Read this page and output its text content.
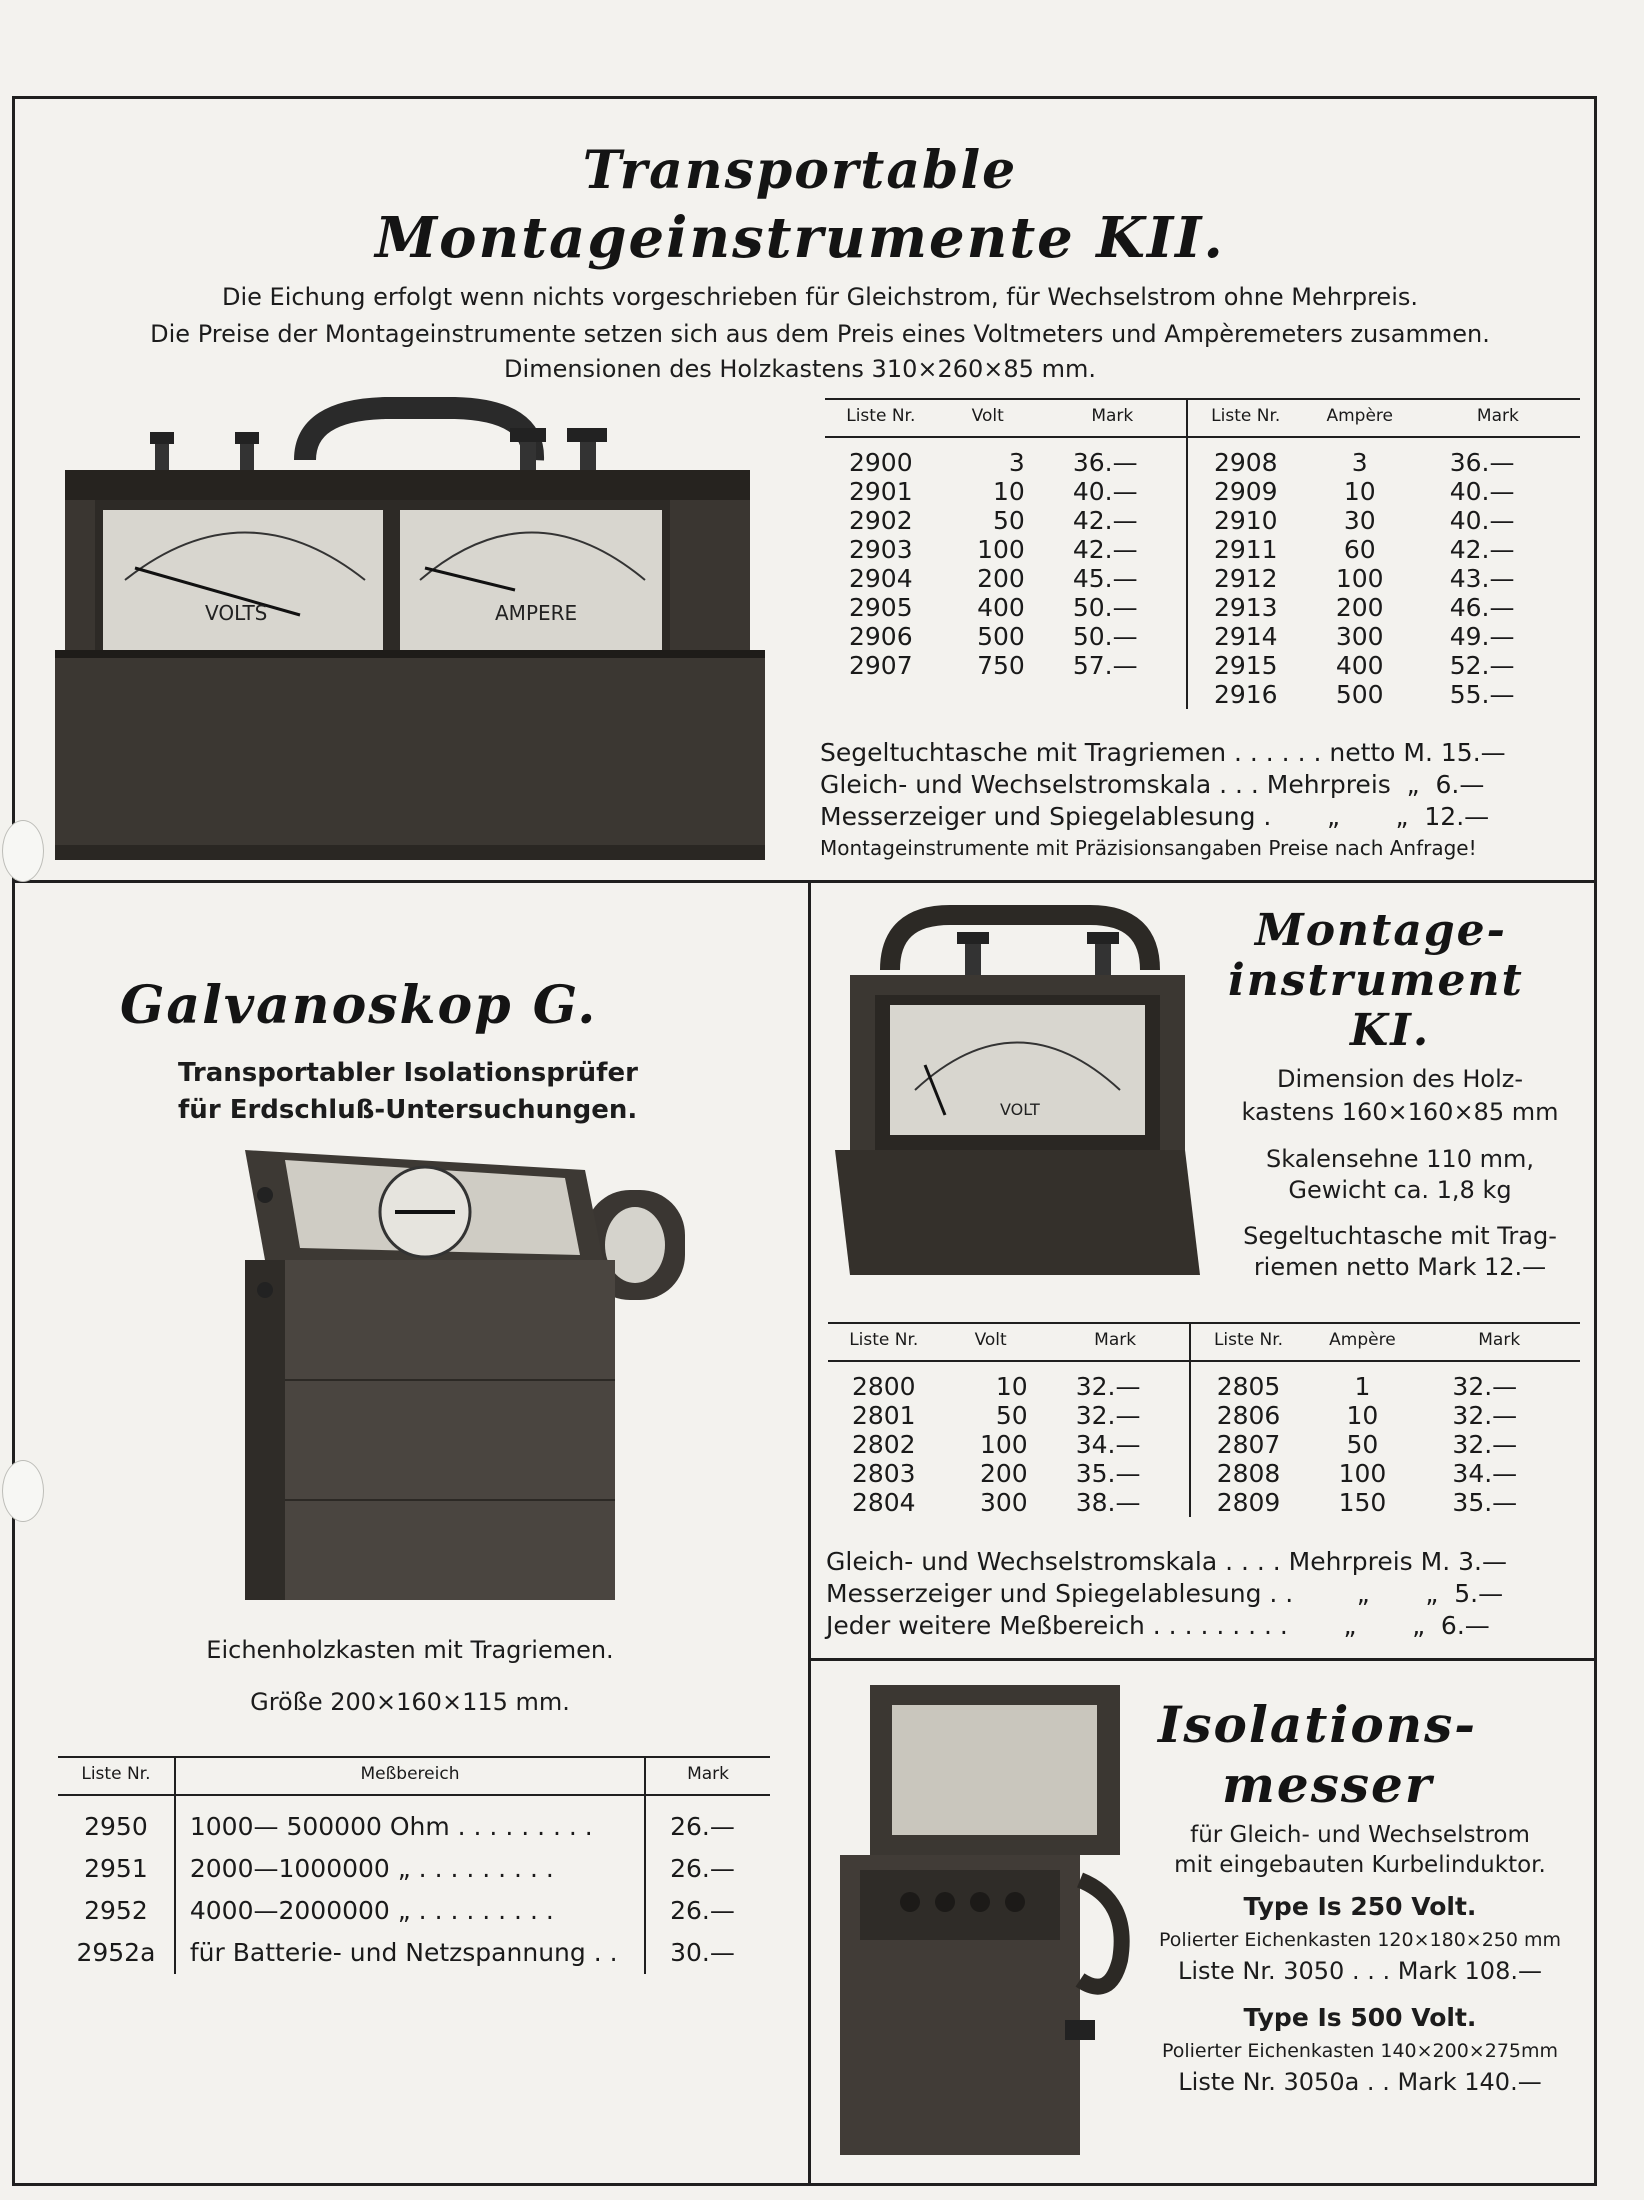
Transportable
Montageinstrumente KII.
Die Eichung erfolgt wenn nichts vorgeschrieben für Gleichstrom, für Wechselstrom ohne Mehrpreis.
Die Preise der Montageinstrumente setzen sich aus dem Preis eines Voltmeters und Ampèremeters zusammen.
Dimensionen des Holzkastens 310×260×85 mm.
VOLTS	AMPERE
Liste Nr.	Volt	Mark	Liste Nr.	Ampère	Mark
2900	3	36.—	2908	3	36.—
2901	10	40.—	2909	10	40.—
2902	50	42.—	2910	30	40.—
2903	100	42.—	2911	60	42.—
2904	200	45.—	2912	100	43.—
2905	400	50.—	2913	200	46.—
2906	500	50.—	2914	300	49.—
2907	750	57.—	2915	400	52.—
			2916	500	55.—
Segeltuchtasche mit Tragriemen . . . . . . netto M. 15.—
Gleich- und Wechselstromskala . . . Mehrpreis  „  6.—
Messerzeiger und Spiegelablesung .       „       „  12.—
Montageinstrumente mit Präzisionsangaben Preise nach Anfrage!
Galvanoskop G.
Transportabler Isolationsprüfer
für Erdschluß-Untersuchungen.
Eichenholzkasten mit Tragriemen.
Größe 200×160×115 mm.
Liste Nr.	Meßbereich	Mark
2950	1000— 500000 Ohm . . . . . . . . .	26.—
2951	2000—1000000 „ . . . . . . . . .	26.—
2952	4000—2000000 „ . . . . . . . . .	26.—
2952a	für Batterie- und Netzspannung . .	30.—
VOLT
Montage-
instrument
KI.
Dimension des Holz-
kastens 160×160×85 mm
Skalensehne 110 mm,
Gewicht ca. 1,8 kg
Segeltuchtasche mit Trag-
riemen netto Mark 12.—
Liste Nr.	Volt	Mark	Liste Nr.	Ampère	Mark
2800	10	32.—	2805	1	32.—
2801	50	32.—	2806	10	32.—
2802	100	34.—	2807	50	32.—
2803	200	35.—	2808	100	34.—
2804	300	38.—	2809	150	35.—
Gleich- und Wechselstromskala . . . . Mehrpreis M. 3.—
Messerzeiger und Spiegelablesung . .        „       „  5.—
Jeder weitere Meßbereich . . . . . . . . .       „       „  6.—
Isolations-
messer
für Gleich- und Wechselstrom
mit eingebauten Kurbelinduktor.
Type Is 250 Volt.
Polierter Eichenkasten 120×180×250 mm
Liste Nr. 3050 . . . Mark 108.—
Type Is 500 Volt.
Polierter Eichenkasten 140×200×275mm
Liste Nr. 3050a . . Mark 140.—
